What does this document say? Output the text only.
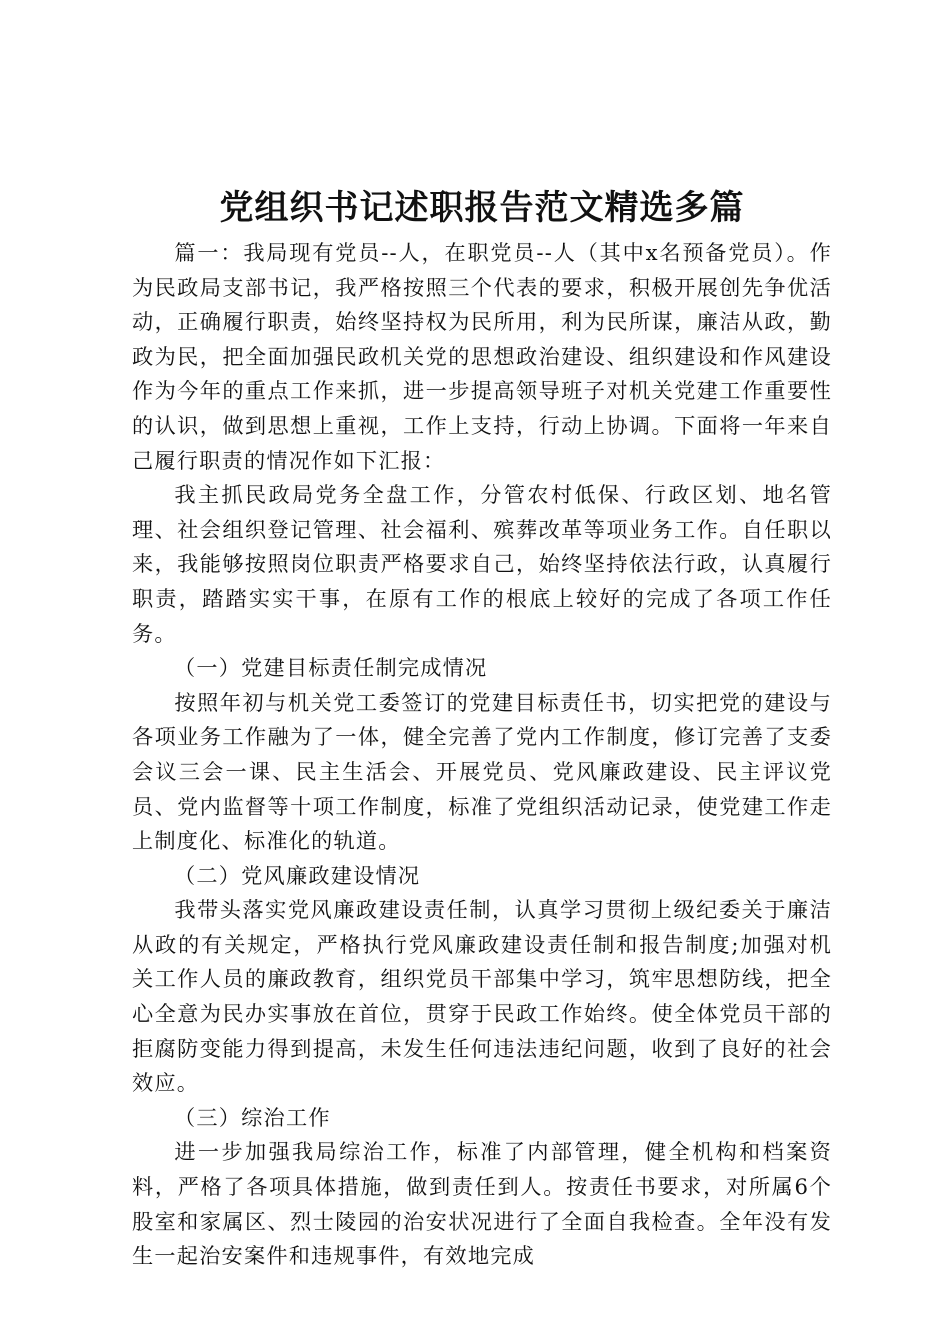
党组织书记述职报告范文精选多篇

篇一：我局现有党员--人，在职党员--人（其中x名预备党员）。作为民政局支部书记，我严格按照三个代表的要求，积极开展创先争优活动，正确履行职责，始终坚持权为民所用，利为民所谋，廉洁从政，勤政为民，把全面加强民政机关党的思想政治建设、组织建设和作风建设作为今年的重点工作来抓，进一步提高领导班子对机关党建工作重要性的认识，做到思想上重视，工作上支持，行动上协调。下面将一年来自己履行职责的情况作如下汇报：

我主抓民政局党务全盘工作，分管农村低保、行政区划、地名管理、社会组织登记管理、社会福利、殡葬改革等项业务工作。自任职以来，我能够按照岗位职责严格要求自己，始终坚持依法行政，认真履行职责，踏踏实实干事，在原有工作的根底上较好的完成了各项工作任务。

（一）党建目标责任制完成情况

按照年初与机关党工委签订的党建目标责任书，切实把党的建设与各项业务工作融为了一体，健全完善了党内工作制度，修订完善了支委会议三会一课、民主生活会、开展党员、党风廉政建设、民主评议党员、党内监督等十项工作制度，标准了党组织活动记录，使党建工作走上制度化、标准化的轨道。

（二）党风廉政建设情况

我带头落实党风廉政建设责任制，认真学习贯彻上级纪委关于廉洁从政的有关规定，严格执行党风廉政建设责任制和报告制度;加强对机关工作人员的廉政教育，组织党员干部集中学习，筑牢思想防线，把全心全意为民办实事放在首位，贯穿于民政工作始终。使全体党员干部的拒腐防变能力得到提高，未发生任何违法违纪问题，收到了良好的社会效应。

（三）综治工作

进一步加强我局综治工作，标准了内部管理，健全机构和档案资料，严格了各项具体措施，做到责任到人。按责任书要求，对所属6个股室和家属区、烈士陵园的治安状况进行了全面自我检查。全年没有发生一起治安案件和违规事件，有效地完成
